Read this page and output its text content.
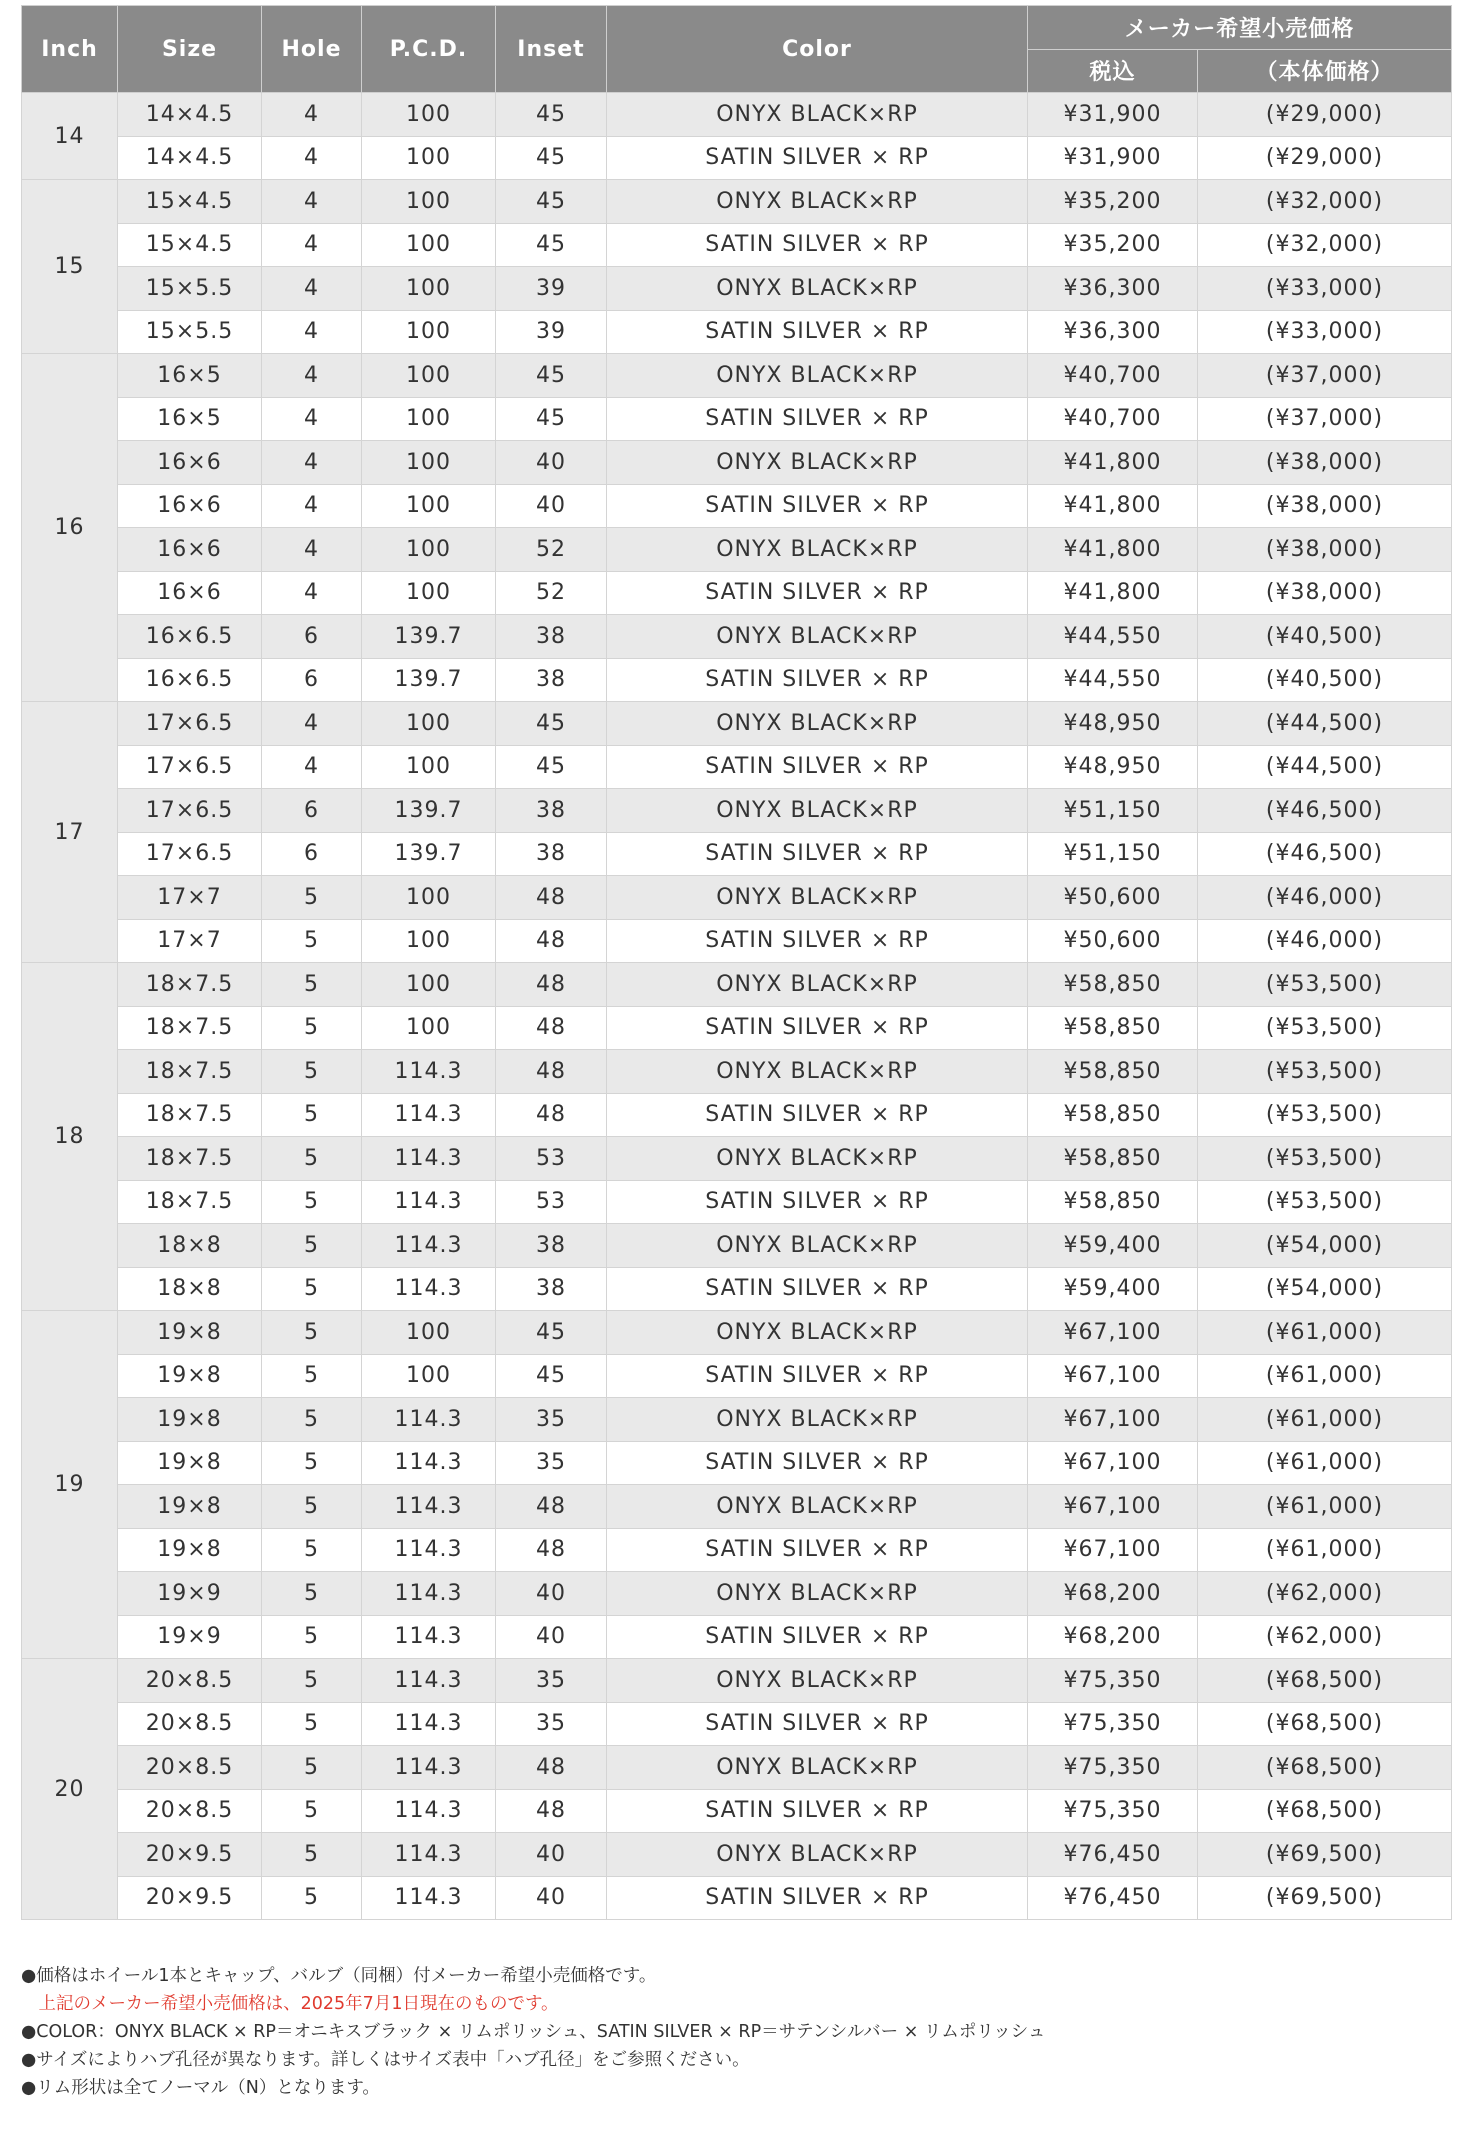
Inch	Size	Hole	P.C.D.	Inset	Color	メーカー希望小売価格	
						税込	（本体価格）
14	14×4.5	4	100	45	ONYX BLACK×RP	¥31,900	(¥29,000)
	14×4.5	4	100	45	SATIN SILVER × RP	¥31,900	(¥29,000)
15	15×4.5	4	100	45	ONYX BLACK×RP	¥35,200	(¥32,000)
	15×4.5	4	100	45	SATIN SILVER × RP	¥35,200	(¥32,000)
	15×5.5	4	100	39	ONYX BLACK×RP	¥36,300	(¥33,000)
	15×5.5	4	100	39	SATIN SILVER × RP	¥36,300	(¥33,000)
16	16×5	4	100	45	ONYX BLACK×RP	¥40,700	(¥37,000)
	16×5	4	100	45	SATIN SILVER × RP	¥40,700	(¥37,000)
	16×6	4	100	40	ONYX BLACK×RP	¥41,800	(¥38,000)
	16×6	4	100	40	SATIN SILVER × RP	¥41,800	(¥38,000)
	16×6	4	100	52	ONYX BLACK×RP	¥41,800	(¥38,000)
	16×6	4	100	52	SATIN SILVER × RP	¥41,800	(¥38,000)
	16×6.5	6	139.7	38	ONYX BLACK×RP	¥44,550	(¥40,500)
	16×6.5	6	139.7	38	SATIN SILVER × RP	¥44,550	(¥40,500)
17	17×6.5	4	100	45	ONYX BLACK×RP	¥48,950	(¥44,500)
	17×6.5	4	100	45	SATIN SILVER × RP	¥48,950	(¥44,500)
	17×6.5	6	139.7	38	ONYX BLACK×RP	¥51,150	(¥46,500)
	17×6.5	6	139.7	38	SATIN SILVER × RP	¥51,150	(¥46,500)
	17×7	5	100	48	ONYX BLACK×RP	¥50,600	(¥46,000)
	17×7	5	100	48	SATIN SILVER × RP	¥50,600	(¥46,000)
18	18×7.5	5	100	48	ONYX BLACK×RP	¥58,850	(¥53,500)
	18×7.5	5	100	48	SATIN SILVER × RP	¥58,850	(¥53,500)
	18×7.5	5	114.3	48	ONYX BLACK×RP	¥58,850	(¥53,500)
	18×7.5	5	114.3	48	SATIN SILVER × RP	¥58,850	(¥53,500)
	18×7.5	5	114.3	53	ONYX BLACK×RP	¥58,850	(¥53,500)
	18×7.5	5	114.3	53	SATIN SILVER × RP	¥58,850	(¥53,500)
	18×8	5	114.3	38	ONYX BLACK×RP	¥59,400	(¥54,000)
	18×8	5	114.3	38	SATIN SILVER × RP	¥59,400	(¥54,000)
19	19×8	5	100	45	ONYX BLACK×RP	¥67,100	(¥61,000)
	19×8	5	100	45	SATIN SILVER × RP	¥67,100	(¥61,000)
	19×8	5	114.3	35	ONYX BLACK×RP	¥67,100	(¥61,000)
	19×8	5	114.3	35	SATIN SILVER × RP	¥67,100	(¥61,000)
	19×8	5	114.3	48	ONYX BLACK×RP	¥67,100	(¥61,000)
	19×8	5	114.3	48	SATIN SILVER × RP	¥67,100	(¥61,000)
	19×9	5	114.3	40	ONYX BLACK×RP	¥68,200	(¥62,000)
	19×9	5	114.3	40	SATIN SILVER × RP	¥68,200	(¥62,000)
20	20×8.5	5	114.3	35	ONYX BLACK×RP	¥75,350	(¥68,500)
	20×8.5	5	114.3	35	SATIN SILVER × RP	¥75,350	(¥68,500)
	20×8.5	5	114.3	48	ONYX BLACK×RP	¥75,350	(¥68,500)
	20×8.5	5	114.3	48	SATIN SILVER × RP	¥75,350	(¥68,500)
	20×9.5	5	114.3	40	ONYX BLACK×RP	¥76,450	(¥69,500)
	20×9.5	5	114.3	40	SATIN SILVER × RP	¥76,450	(¥69,500)
●価格はホイール1本とキャップ、バルブ（同梱）付メーカー希望小売価格です。
　上記のメーカー希望小売価格は、2025年7月1日現在のものです。
●COLOR：ONYX BLACK × RP＝オニキスブラック × リムポリッシュ、SATIN SILVER × RP＝サテンシルバー × リムポリッシュ
●サイズによりハブ孔径が異なります。詳しくはサイズ表中「ハブ孔径」をご参照ください。
●リム形状は全てノーマル（N）となります。
